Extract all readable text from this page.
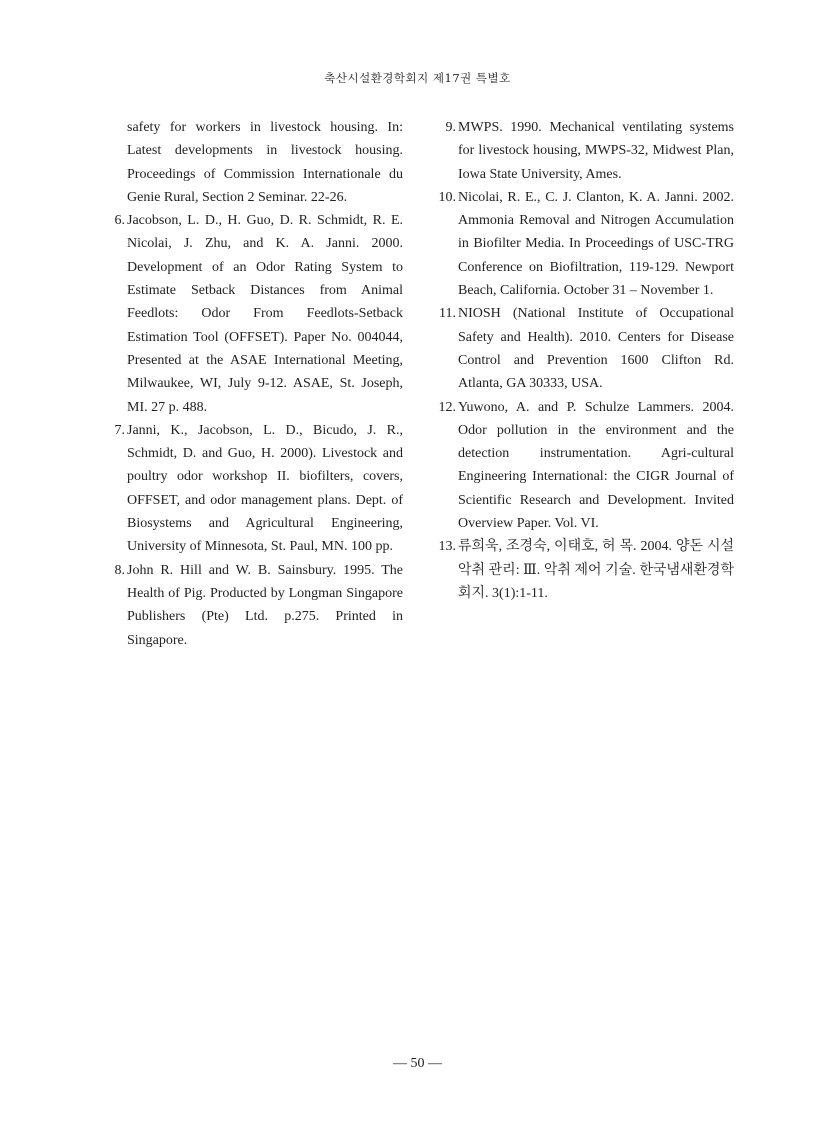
축산시설환경학회지 제17권 특별호
safety for workers in livestock housing. In: Latest developments in livestock housing. Proceedings of Commission Internationale du Genie Rural, Section 2 Seminar. 22-26.
6. Jacobson, L. D., H. Guo, D. R. Schmidt, R. E. Nicolai, J. Zhu, and K. A. Janni. 2000. Development of an Odor Rating System to Estimate Setback Distances from Animal Feedlots: Odor From Feedlots-Setback Estimation Tool (OFFSET). Paper No. 004044, Presented at the ASAE International Meeting, Milwaukee, WI, July 9-12. ASAE, St. Joseph, MI. 27 p. 488.
7. Janni, K., Jacobson, L. D., Bicudo, J. R., Schmidt, D. and Guo, H. 2000). Livestock and poultry odor workshop II. biofilters, covers, OFFSET, and odor management plans. Dept. of Biosystems and Agricultural Engineering, University of Minnesota, St. Paul, MN. 100 pp.
8. John R. Hill and W. B. Sainsbury. 1995. The Health of Pig. Producted by Longman Singapore Publishers (Pte) Ltd. p.275. Printed in Singapore.
9. MWPS. 1990. Mechanical ventilating systems for livestock housing, MWPS-32, Midwest Plan, Iowa State University, Ames.
10. Nicolai, R. E., C. J. Clanton, K. A. Janni. 2002. Ammonia Removal and Nitrogen Accumulation in Biofilter Media. In Proceedings of USC-TRG Conference on Biofiltration, 119-129. Newport Beach, California. October 31 – November 1.
11. NIOSH (National Institute of Occupational Safety and Health). 2010. Centers for Disease Control and Prevention 1600 Clifton Rd. Atlanta, GA 30333, USA.
12. Yuwono, A. and P. Schulze Lammers. 2004. Odor pollution in the environment and the detection instrumentation. Agri-cultural Engineering International: the CIGR Journal of Scientific Research and Development. Invited Overview Paper. Vol. VI.
13. 류희욱, 조경숙, 이태호, 허 목. 2004. 양돈 시설 악취 관리: Ⅲ. 악취 제어 기술. 한국냄새환경학회지. 3(1):1-11.
― 50 ―
